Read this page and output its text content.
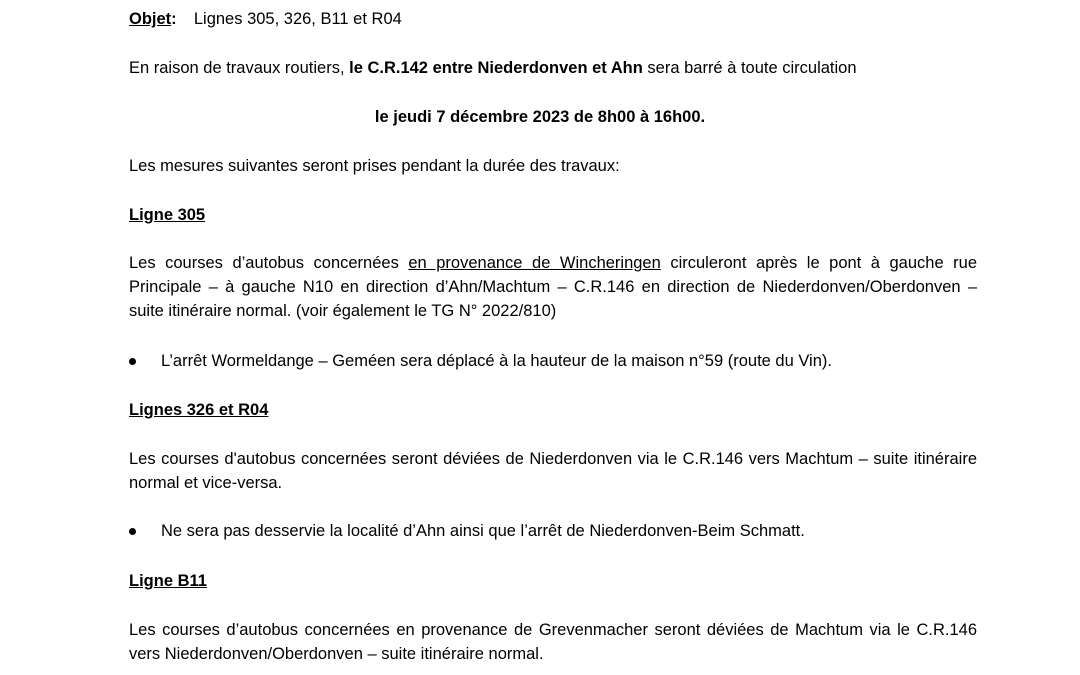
Objet: Lignes 305, 326, B11 et R04
En raison de travaux routiers, le C.R.142 entre Niederdonven et Ahn sera barré à toute circulation
le jeudi 7 décembre 2023 de 8h00 à 16h00.
Les mesures suivantes seront prises pendant la durée des travaux:
Ligne 305
Les courses d’autobus concernées en provenance de Wincheringen circuleront après le pont à gauche rue Principale – à gauche N10 en direction d’Ahn/Machtum – C.R.146 en direction de Niederdonven/Oberdonven – suite itinéraire normal. (voir également le TG N° 2022/810)
L’arrêt Wormeldange – Geméen sera déplacé à la hauteur de la maison n°59 (route du Vin).
Lignes 326 et R04
Les courses d'autobus concernées seront déviées de Niederdonven via le C.R.146 vers Machtum – suite itinéraire normal et vice-versa.
Ne sera pas desservie la localité d’Ahn ainsi que l’arrêt de Niederdonven-Beim Schmatt.
Ligne B11
Les courses d’autobus concernées en provenance de Grevenmacher seront déviées de Machtum via le C.R.146 vers Niederdonven/Oberdonven – suite itinéraire normal.
